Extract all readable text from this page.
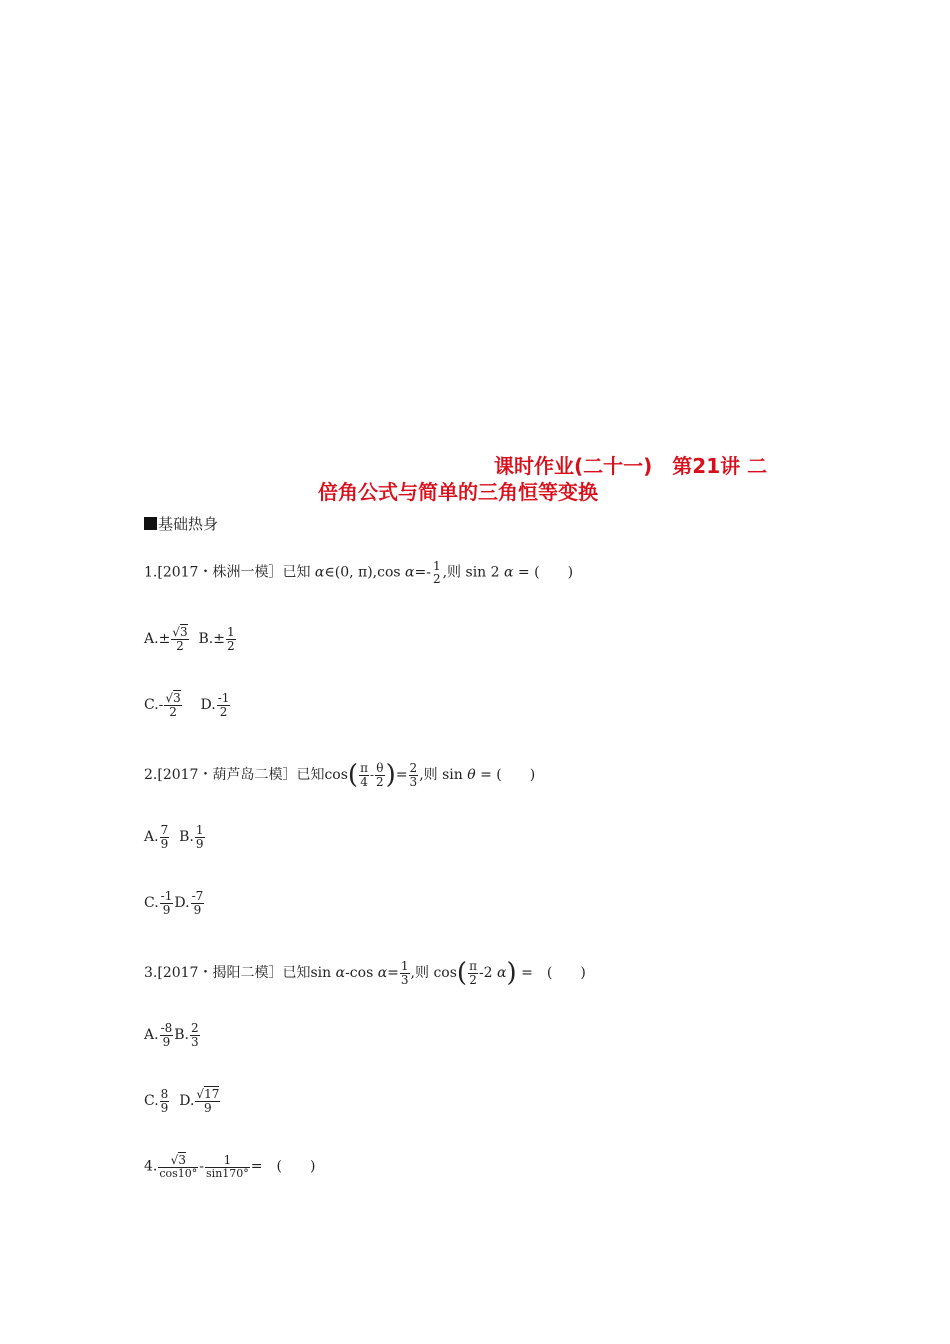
课时作业(二十一)　第21讲 二
倍角公式与简单的三角恒等变换
基础热身
1.[2017・株洲一模］已知 α∈(0, π),cos α=- 1
2 ,则 sin 2 α = (　　)
$A.\pm \frac{√3}{2} B.\pm \frac{1}{2}$
$C.- \frac{√3}{2} D$. $\frac{-1}{2}$
2.[2017・葫芦岛二模］已知$\cos( \frac{\pi}{4} - \frac{\theta}{2}$ )= $\frac{2}{3}$ ,则 sin θ = (　　)
A. $\frac{7}{9} B$. $\frac{1}{9}$
C. $\frac{-1}{9} D$. $\frac{-7}{9}$
3.[2017・揭阳二模］已知sin α-cos $\alpha= \frac{1}{3}$ ,则 $\cos( \frac{\pi}{2} -2$ α) =　(　　)
A. $\frac{-8}{9} B$. $\frac{2}{3}$
C. $\frac{8}{9} D$. $\frac{√17}{9}$
4. $\frac{√3}{\cos 10^\circ} - \frac{1}{\sin 170^\circ}$ =　(　　)
